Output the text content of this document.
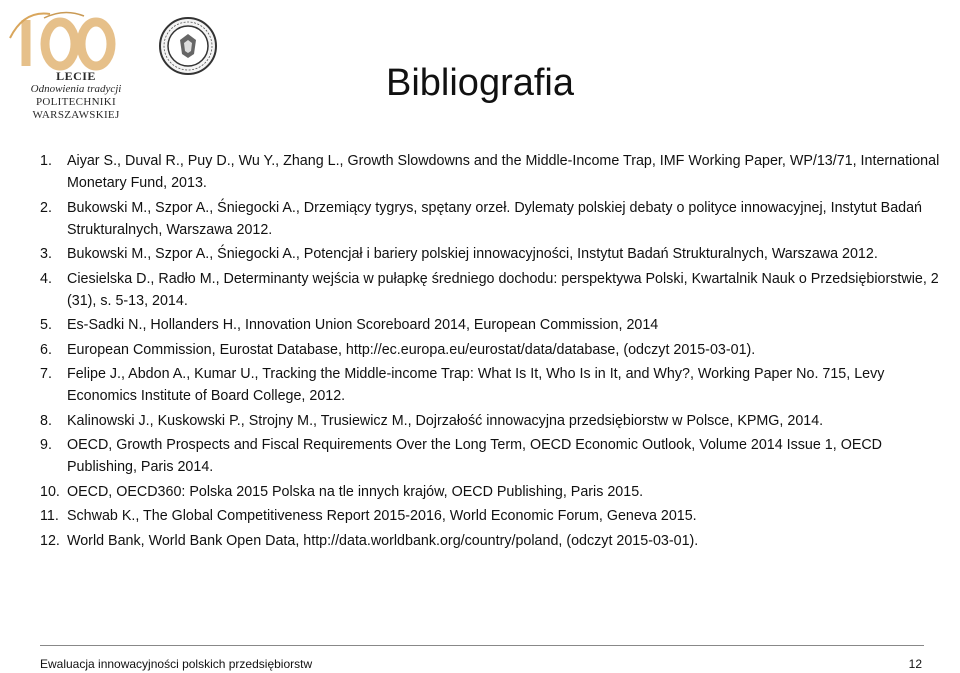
LECIE
Odnowienia tradycji
POLITECHNIKI
WARSZAWSKIEJ
Bibliografia
1.	Aiyar S., Duval R., Puy D., Wu Y., Zhang L., Growth Slowdowns and the Middle-Income Trap, IMF Working Paper, WP/13/71, International Monetary Fund, 2013.
2.	Bukowski M., Szpor A., Śniegocki A., Drzemiący tygrys, spętany orzeł. Dylematy polskiej debaty o polityce innowacyjnej, Instytut Badań Strukturalnych, Warszawa 2012.
3.	Bukowski M., Szpor A., Śniegocki A., Potencjał i bariery polskiej innowacyjności, Instytut Badań Strukturalnych, Warszawa 2012.
4.	Ciesielska D., Radło M., Determinanty wejścia w pułapkę średniego dochodu: perspektywa Polski, Kwartalnik Nauk o Przedsiębiorstwie, 2 (31), s. 5-13, 2014.
5.	Es-Sadki N., Hollanders H., Innovation Union Scoreboard 2014, European Commission, 2014
6.	European Commission, Eurostat Database, http://ec.europa.eu/eurostat/data/database, (odczyt 2015-03-01).
7.	Felipe J., Abdon A., Kumar U., Tracking the Middle-income Trap: What Is It, Who Is in It, and Why?, Working Paper No. 715, Levy Economics Institute of Board College, 2012.
8.	Kalinowski J., Kuskowski P., Strojny M., Trusiewicz M., Dojrzałość innowacyjna przedsiębiorstw w Polsce, KPMG, 2014.
9.	OECD, Growth Prospects and Fiscal Requirements Over the Long Term, OECD Economic Outlook, Volume 2014 Issue 1, OECD Publishing, Paris 2014.
10. OECD, OECD360: Polska 2015 Polska na tle innych krajów, OECD Publishing, Paris 2015.
11. Schwab K., The Global Competitiveness Report 2015-2016, World Economic Forum, Geneva 2015.
12. World Bank, World Bank Open Data, http://data.worldbank.org/country/poland, (odczyt 2015-03-01).
Ewaluacja innowacyjności polskich przedsiębiorstw	12
